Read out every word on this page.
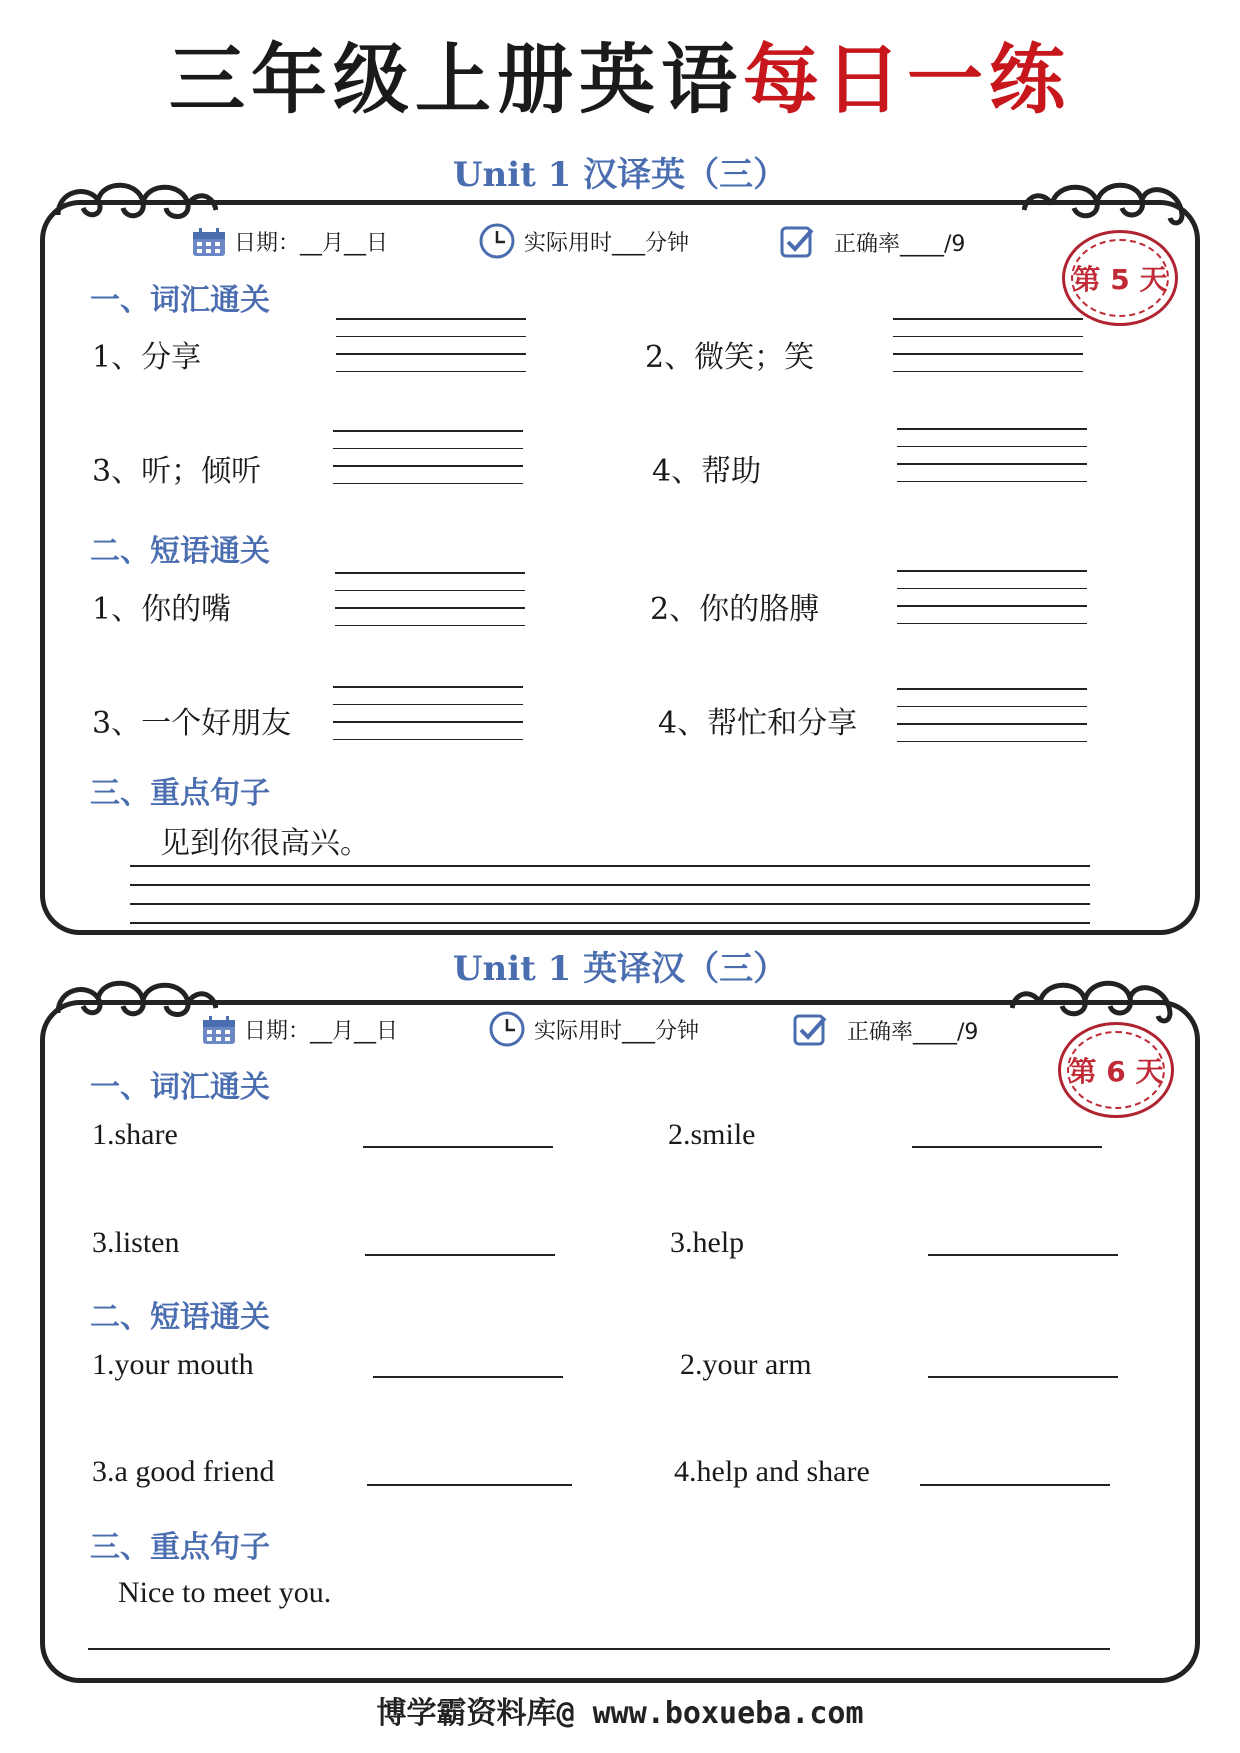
三年级上册英语每日一练
Unit 1 汉译英（三）
日期：__月__日	实际用时___分钟	正确率____/9
第 5 天
一、词汇通关
1、分享	2、微笑；笑
3、听；倾听	4、帮助
二、短语通关
1、你的嘴	2、你的胳膊
3、一个好朋友	4、帮忙和分享
三、重点句子
见到你很高兴。
Unit 1 英译汉（三）
日期：__月__日	实际用时___分钟	正确率____/9
第 6 天
一、词汇通关
1.share	2.smile
3.listen	3.help
二、短语通关
1.your mouth	2.your arm
3.a good friend	4.help and share
三、重点句子
Nice to meet you.
博学霸资料库@ www.boxueba.com
